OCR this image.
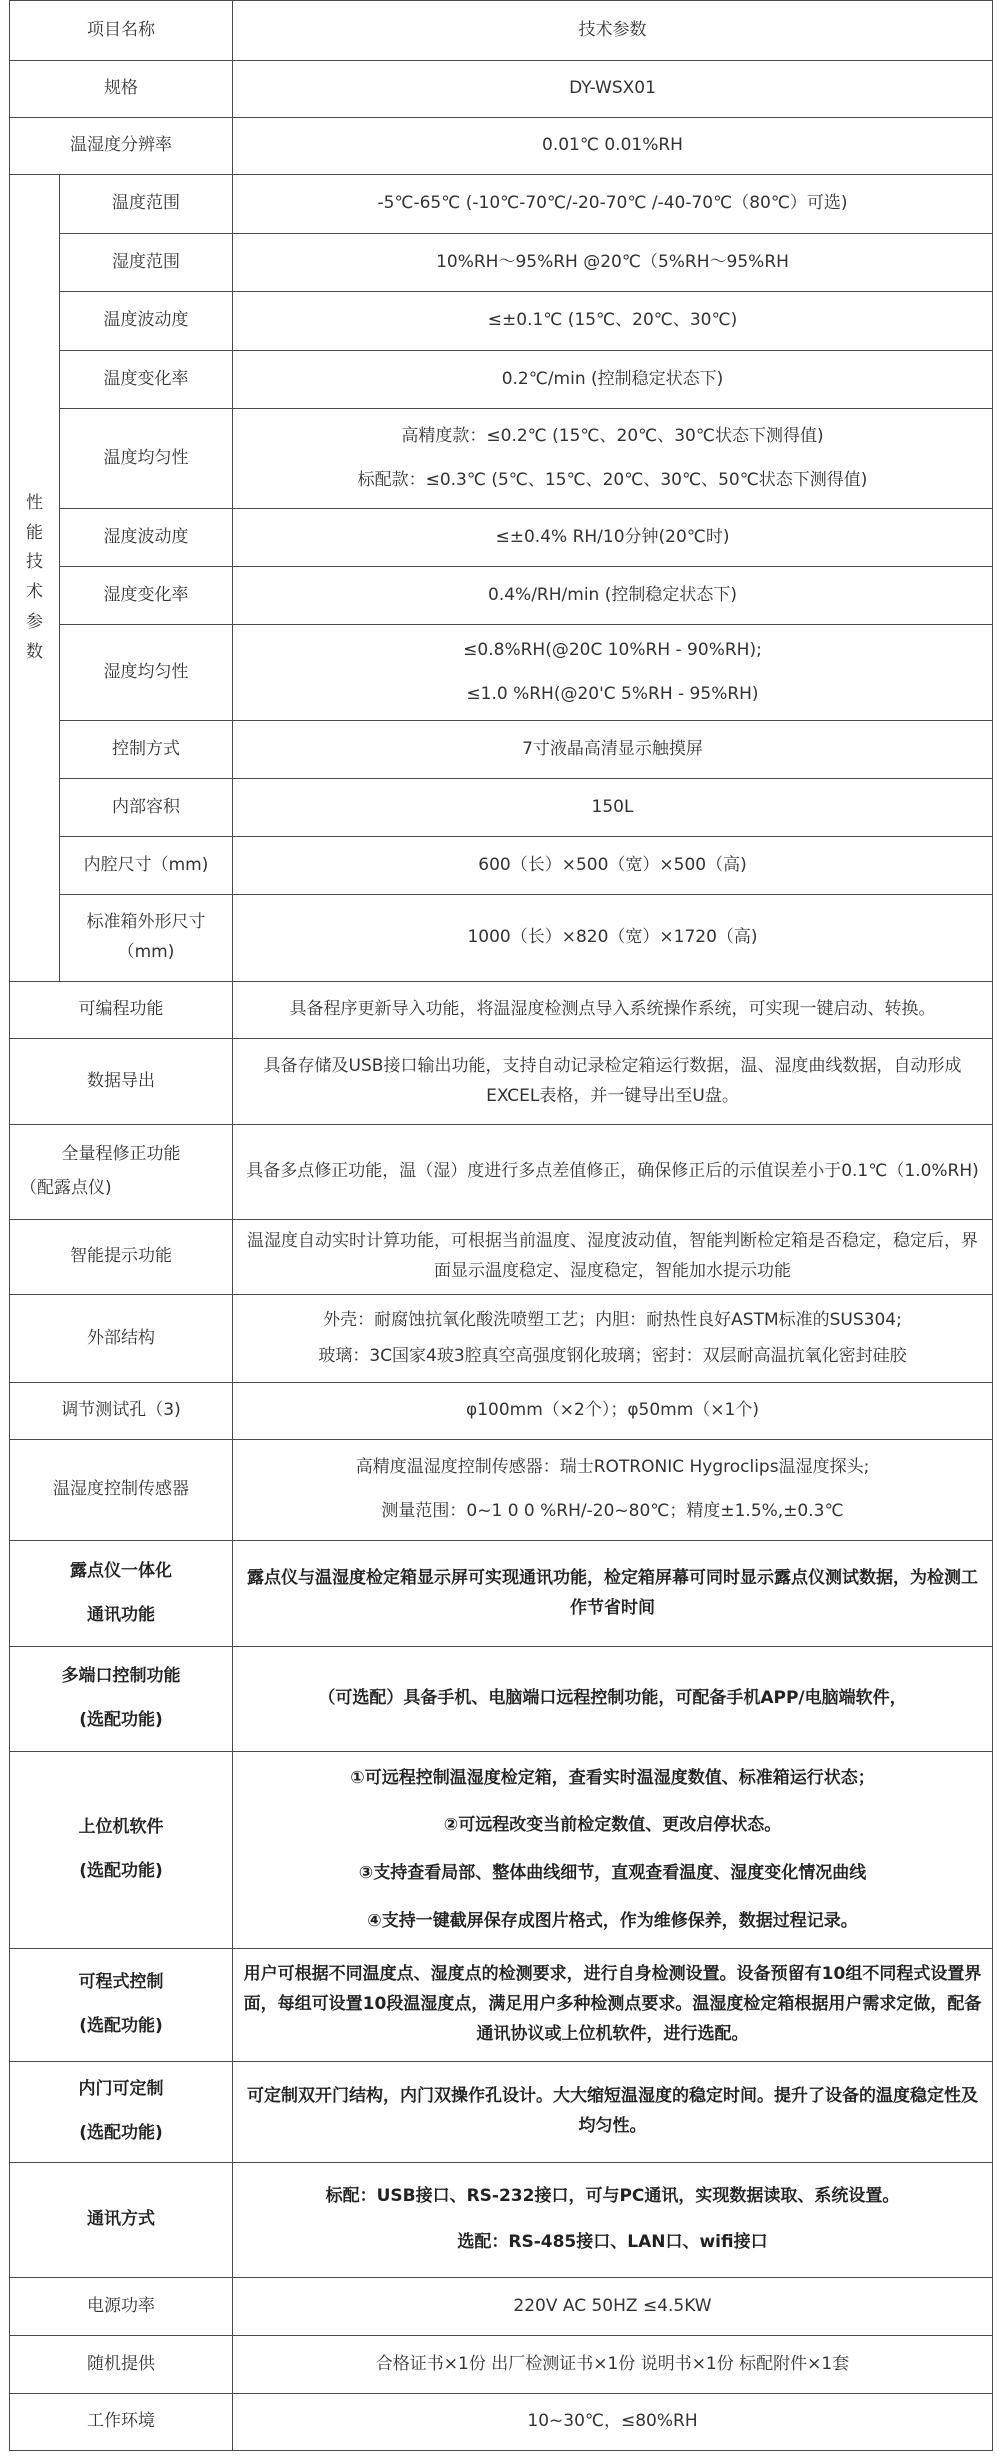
项目名称		技术参数
规格		DY-WSX01
温湿度分辨率		0.01℃ 0.01%RH

性
能技
术
参
数	温度范围	-5℃-65℃ (-10℃-70℃/-20-70℃ /-40-70℃（80℃）可选)
	湿度范围	10%RH～95%RH @20℃（5%RH～95%RH
	温度波动度	≤±0.1℃ (15℃、20℃、30℃)
	温度变化率	0.2℃/min (控制稳定状态下)
	温度均匀性	高精度款：≤0.2℃ (15℃、20℃、30℃状态下测得值)
标配款：≤0.3℃ (5℃、15℃、20℃、30℃、50℃状态下测得值)

	湿度波动度	≤±0.4% RH/10分钟(20℃时)
	湿度变化率	0.4%/RH/min (控制稳定状态下)
	湿度均匀性	≤0.8%RH(@20C 10%RH - 90%RH);
≤1.0 %RH(@20'C 5%RH - 95%RH)

	控制方式	7寸液晶高清显示触摸屏
	内部容积	150L
	内腔尺寸（mm)	600（长）×500（宽）×500（高)
	标准箱外形尺寸（mm)	1000（长）×820（宽）×1720（高)
可编程功能		具备程序更新导入功能，将温湿度检测点导入系统操作系统，可实现一键启动、转换。
数据导出		具备存储及USB接口输出功能，支持自动记录检定箱运行数据，温、湿度曲线数据，自动形成EXCEL表格，并一键导出至U盘。

全量程修正功能
（配露点仪)		具备多点修正功能，温（湿）度进行多点差值修正，确保修正后的示值误差小于0.1℃（1.0%RH)
智能提示功能		温湿度自动实时计算功能，可根据当前温度、湿度波动值，智能判断检定箱是否稳定，稳定后，界面显示温度稳定、湿度稳定，智能加水提示功能
外部结构		外壳：耐腐蚀抗氧化酸洗喷塑工艺；内胆：耐热性良好ASTM标准的SUS304;
玻璃：3C国家4玻3腔真空高强度钢化玻璃；密封：双层耐高温抗氧化密封硅胶

调节测试孔（3)		φ100mm（×2个）；φ50mm（×1个)
温湿度控制传感器		高精度温湿度控制传感器：瑞士ROTRONIC Hygroclips温湿度探头;
测量范围：0~1 0 0 %RH/-20~80℃；精度±1.5%,±0.3℃

露点仪一体化
通讯功能		露点仪与温湿度检定箱显示屏可实现通讯功能，检定箱屏幕可同时显示露点仪测试数据，为检测工作节省时间

多端口控制功能
(选配功能)		（可选配）具备手机、电脑端口远程控制功能，可配备手机APP/电脑端软件，

上位机软件
(选配功能)		①可远程控制温湿度检定箱，查看实时温湿度数值、标准箱运行状态；
②可远程改变当前检定数值、更改启停状态。
③支持查看局部、整体曲线细节，直观查看温度、湿度变化情况曲线
④支持一键截屏保存成图片格式，作为维修保养，数据过程记录。

可程式控制
(选配功能)		用户可根据不同温度点、湿度点的检测要求，进行自身检测设置。设备预留有10组不同程式设置界面，每组可设置10段温湿度点，满足用户多种检测点要求。温湿度检定箱根据用户需求定做，配备通讯协议或上位机软件，进行选配。

内门可定制
(选配功能)		可定制双开门结构，内门双操作孔设计。大大缩短温湿度的稳定时间。提升了设备的温度稳定性及均匀性。
通讯方式		标配：USB接口、RS-232接口，可与PC通讯，实现数据读取、系统设置。
选配：RS-485接口、LAN口、wifi接口

电源功率		220V AC 50HZ ≤4.5KW
随机提供		合格证书×1份 出厂检测证书×1份 说明书×1份 标配附件×1套
工作环境		10~30℃，≤80%RH
